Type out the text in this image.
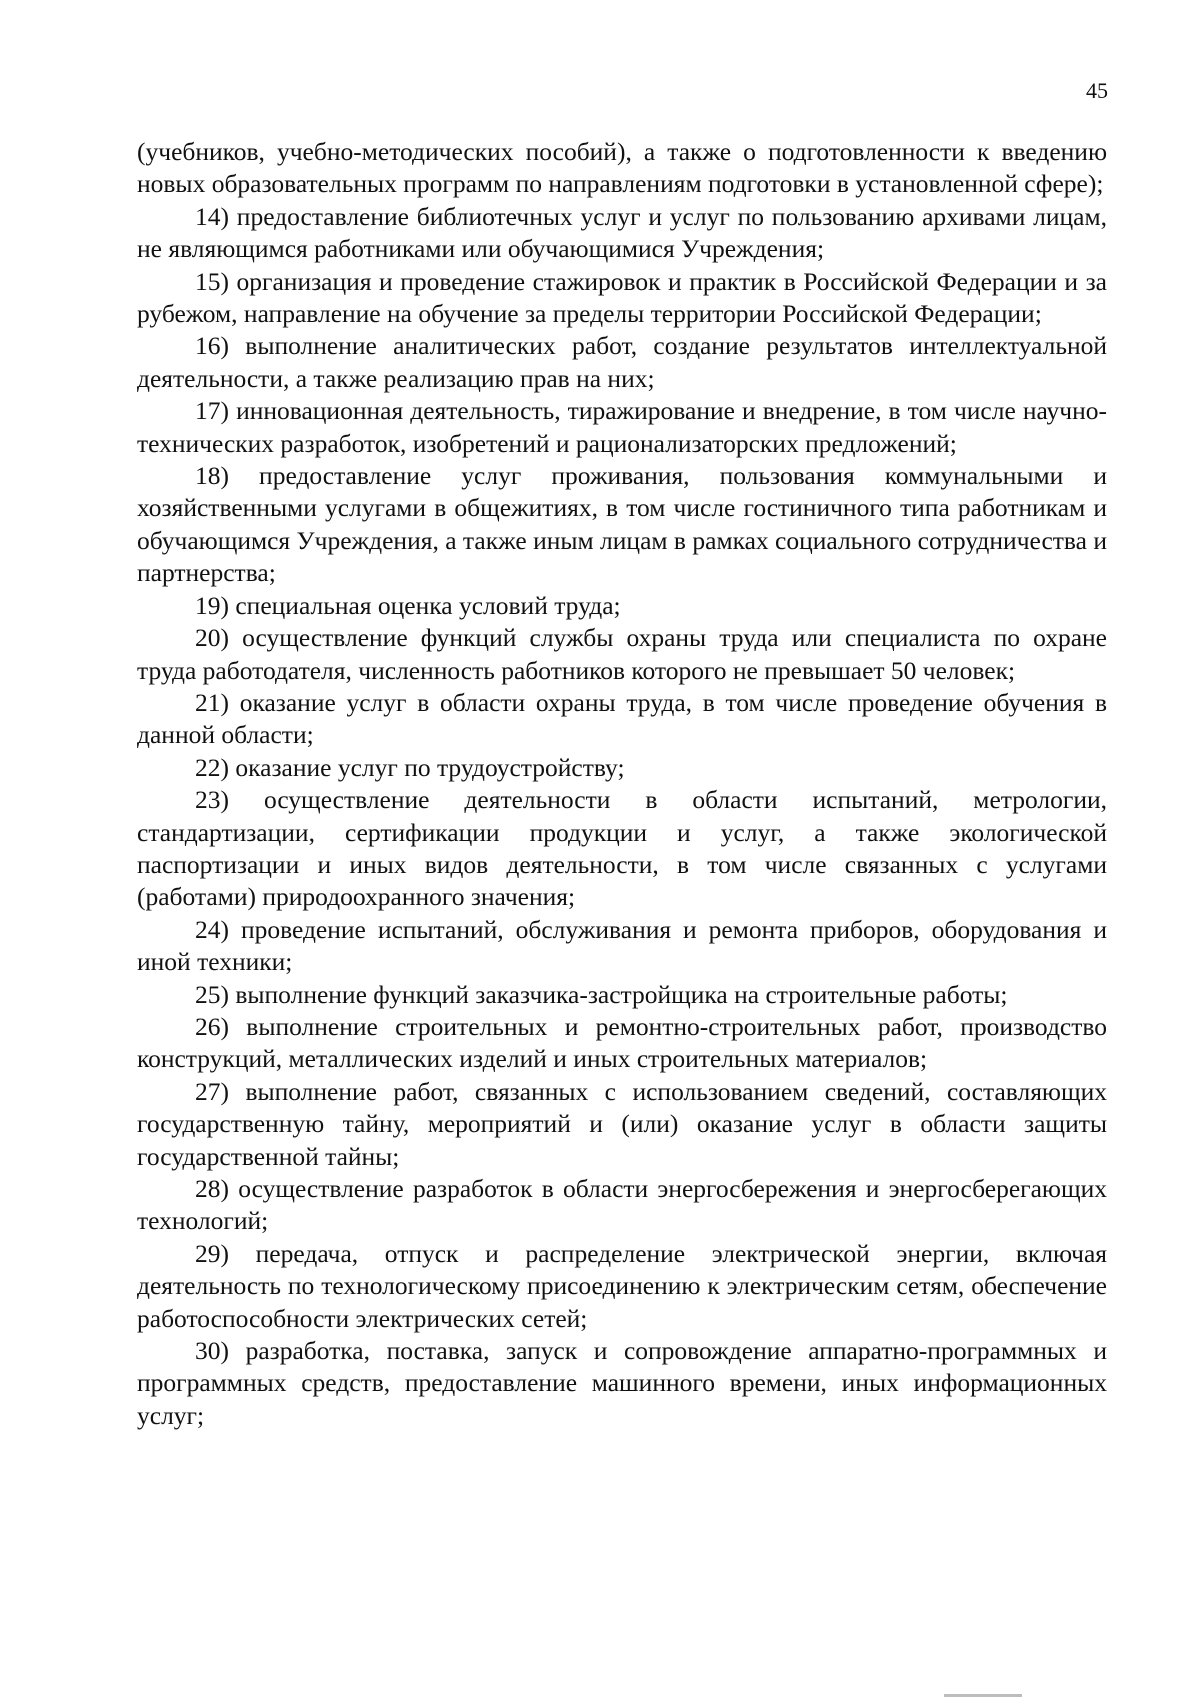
45

(учебников, учебно-методических пособий), а также о подготовленности к введению новых образовательных программ по направлениям подготовки в установленной сфере);

14) предоставление библиотечных услуг и услуг по пользованию архивами лицам, не являющимся работниками или обучающимися Учреждения;

15) организация и проведение стажировок и практик в Российской Федерации и за рубежом, направление на обучение за пределы территории Российской Федерации;

16) выполнение аналитических работ, создание результатов интеллектуальной деятельности, а также реализацию прав на них;

17) инновационная деятельность, тиражирование и внедрение, в том числе научно-технических разработок, изобретений и рационализаторских предложений;

18) предоставление услуг проживания, пользования коммунальными и хозяйственными услугами в общежитиях, в том числе гостиничного типа работникам и обучающимся Учреждения, а также иным лицам в рамках социального сотрудничества и партнерства;

19) специальная оценка условий труда;

20) осуществление функций службы охраны труда или специалиста по охране труда работодателя, численность работников которого не превышает 50 человек;

21) оказание услуг в области охраны труда, в том числе проведение обучения в данной области;

22) оказание услуг по трудоустройству;

23) осуществление деятельности в области испытаний, метрологии, стандартизации, сертификации продукции и услуг, а также экологической паспортизации и иных видов деятельности, в том числе связанных с услугами (работами) природоохранного значения;

24) проведение испытаний, обслуживания и ремонта приборов, оборудования и иной техники;

25) выполнение функций заказчика-застройщика на строительные работы;

26) выполнение строительных и ремонтно-строительных работ, производство конструкций, металлических изделий и иных строительных материалов;

27) выполнение работ, связанных с использованием сведений, составляющих государственную тайну, мероприятий и (или) оказание услуг в области защиты государственной тайны;

28) осуществление разработок в области энергосбережения и энергосберегающих технологий;

29) передача, отпуск и распределение электрической энергии, включая деятельность по технологическому присоединению к электрическим сетям, обеспечение работоспособности электрических сетей;

30) разработка, поставка, запуск и сопровождение аппаратно-программных и программных средств, предоставление машинного времени, иных информационных услуг;
